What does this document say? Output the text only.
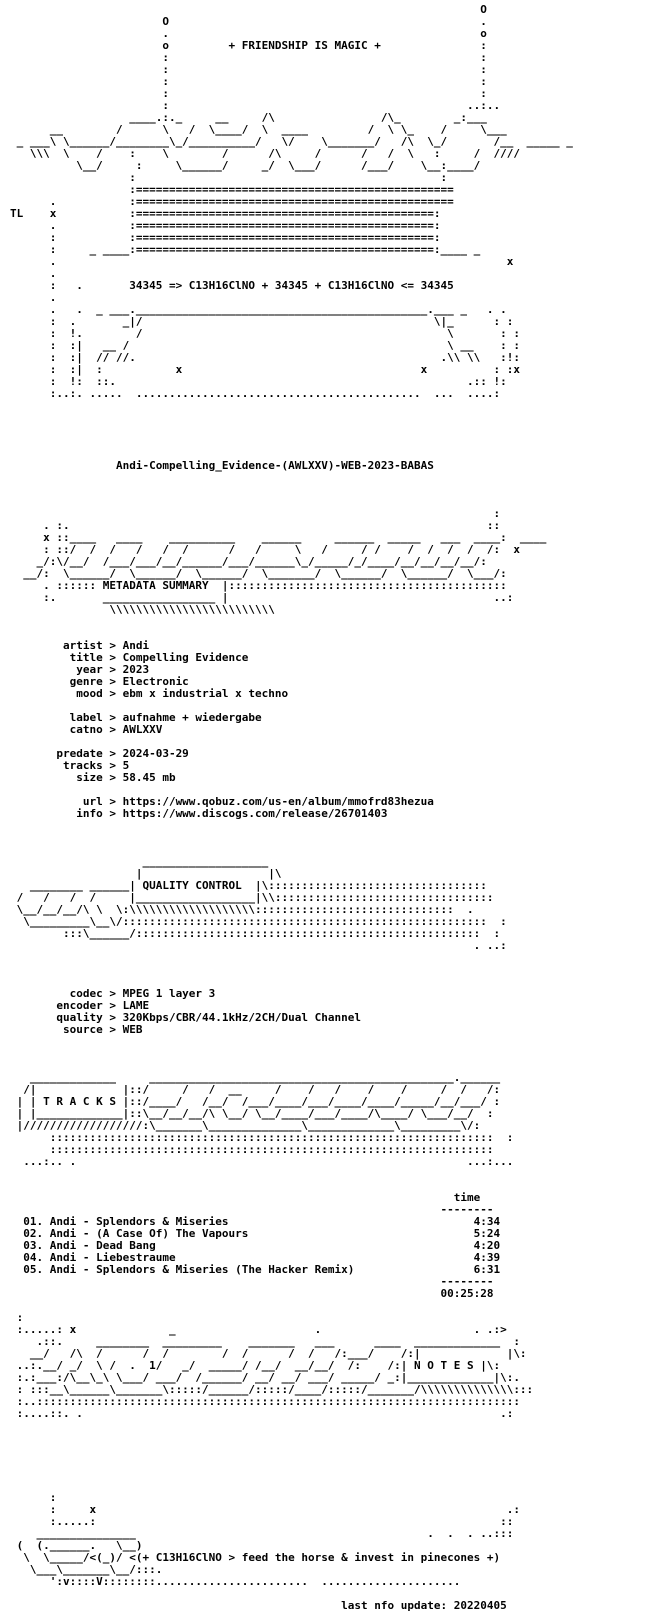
O
O                                               .
.                                               o
o         + FRIENDSHIP IS MAGIC +               :
:                                               :
:                                               :
:                                               :
:                                               :
:                                             ..:..
____.:._     __     /\                /\_        _:___
__        /      \   /  \____/  \  ____         /  \ \_    /     \___
_ ___\ \______/________\_/__________/   \/    \_______/   /\  \_/       /__  _____ _
\\\  \    /    :    \        /      /\     /      /   /  \   :     /  ////
\__/     :     \______/     _/  \___/      /___/    \__:____/
:                                              :
:================================================
.           :================================================
TL    x           :=============================================:
.           :=============================================:
:           :=============================================:
:     _ ____:=============================================:____ _
.                                                                    x
.
:   .       34345 => C13H16ClNO + 34345 + C13H16ClNO <= 34345
.
.   .  _ ___.____________________________________________.___ _   . .
:  .       _|/                                            \|_      : :
:  !.        /                                              \       : :
:  :|   __ /                                                \ __    : :
:  :|  // //.                                              .\\ \\   :!:
:  :|  :           x                                    x          : :x
:  !:  ::.                                                     .:: !:
:..:. .....  ...........................................  ...  ....:

Andi-Compelling_Evidence-(AWLXXV)-WEB-2023-BABAS

:
. :.                                                               ::
x ::____   ____    __________    ______     ______  _____   ___  ____:  ____
: ::/  /  /   /   /  /      /   /     \   /     / /    /  /  /  /  /:  x
_/:\/__/  /___/___/__/______/___/______\_/_____/_/____/__/__/__/__/:
__/:  \______/  \______/  \______/  \_______/  \______/  \______/  \___/:
. :::::: METADATA SUMMARY  |::::::::::::::::::::::::::::::::::::::::::
:.       _________________ |                                        ..:
\\\\\\\\\\\\\\\\\\\\\\\\\

artist > Andi
title > Compelling Evidence
year > 2023
genre > Electronic
mood > ebm x industrial x techno

label > aufnahme + wiedergabe
catno > AWLXXV

predate > 2024-03-29
tracks > 5
size > 58.45 mb

url > https://www.qobuz.com/us-en/album/mmofrd83hezua
info > https://www.discogs.com/release/26701403

___________________
|                   |\
________ ______| QUALITY CONTROL  |\:::::::::::::::::::::::::::::::::
/   /   /  /     |__________________|\\:::::::::::::::::::::::::::::::::
\__/__/__/\ \  \:\\\\\\\\\\\\\\\\\\\::::::::::::::::::::::::::::::  .
\_________\__\/:::::::::::::::::::::::::::::::::::::::::::::::::::::::  :
:::\______/::::::::::::::::::::::::::::::::::::::::::::::::::::  :
. ..:

codec > MPEG 1 layer 3
encoder > LAME
quality > 320Kbps/CBR/44.1kHz/2CH/Dual Channel
source > WEB

_____________     ______________________________________________.______
/|             |::/     /   /  __     /    /   /    /    /     /  /   /:
| | T R A C K S |::/____/   /__/  /___/____/___/____/____/_____/__/___/ :
| |_____________|::\__/__/__/\ \__/ \__/____/___/____/\____/ \___/__/  :
|//////////////////:\_______\______________\_____________\_________\/:
:::::::::::::::::::::::::::::::::::::::::::::::::::::::::::::::::::  :
:::::::::::::::::::::::::::::::::::::::::::::::::::::::::::::::::::
...:.. .                                                           ...:...

time
--------
01. Andi - Splendors & Miseries                                     4:34
02. Andi - (A Case Of) The Vapours                                  5:24
03. Andi - Dead Bang                                                4:20
04. Andi - Liebestraume                                             4:39
05. Andi - Splendors & Miseries (The Hacker Remix)                  6:31
--------
00:25:28

:
:.....: x              _                     .                       . .:>
.::.     ________  _________    _______   ___      ____  _____________  :
__/   /\  /      /  /        /  /      /  /   /:___/    /:|             |\:
..:.__/ _/  \ /  .  1/   _/  _____/ /__/  __/__/  /:    /:| N O T E S |\:
:.:___:/\__\_\ \___/ ___/  /______/ __/ __/ ___/ _____/ _:|_____________|\:.
: :::__\______\_______\:::::/______/:::::/____/:::::/_______/\\\\\\\\\\\\\\:::
:..:::::::::::::::::::::::::::::::::::::::::::::::::::::::::::::::::::::::::
:....::. .                                                               .:

:
:     x                                                              .:
:.....:                                                             ::
_______________                                            .  .  . ..:::
(  (.______.   \__)
\  \_____/<(_)/ <(+ C13H16ClNO > feed the horse & invest in pinecones +)
\___\_______\__/:::.
':v::::V::::::::.......................  .....................

last nfo update: 20220405
